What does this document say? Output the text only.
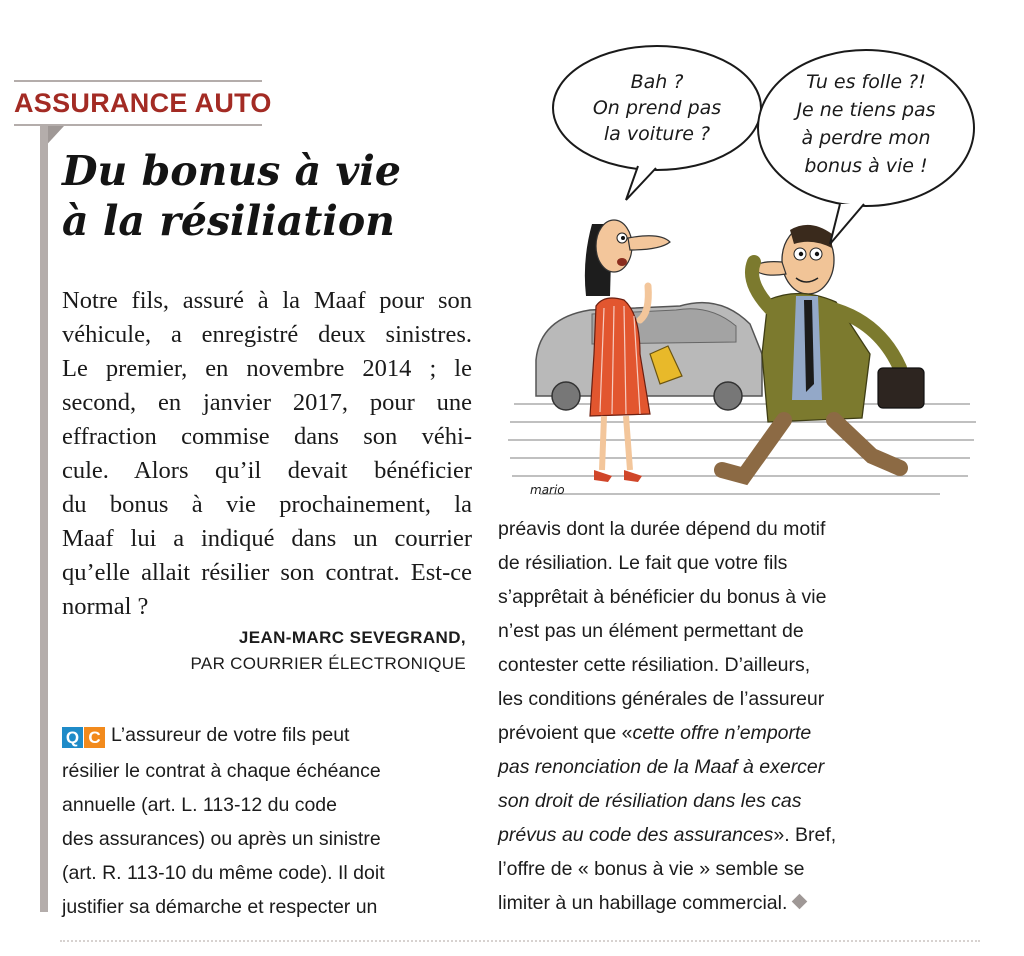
ASSURANCE AUTO
Du bonus à vie
à la résiliation
Notre fils, assuré à la Maaf pour son
véhicule, a enregistré deux sinistres.
Le premier, en novembre 2014 ; le
second, en janvier 2017, pour une
effraction commise dans son véhi-
cule. Alors qu’il devait bénéficier
du bonus à vie prochainement, la
Maaf lui a indiqué dans un courrier
qu’elle allait résilier son contrat. Est-ce
normal ?
JEAN-MARC SEVEGRAND,
PAR COURRIER ÉLECTRONIQUE
Q C L’assureur de votre fils peut
résilier le contrat à chaque échéance
annuelle (art. L. 113-12 du code
des assurances) ou après un sinistre
(art. R. 113-10 du même code). Il doit
justifier sa démarche et respecter un
préavis dont la durée dépend du motif
de résiliation. Le fait que votre fils
s’apprêtait à bénéficier du bonus à vie
n’est pas un élément permettant de
contester cette résiliation. D’ailleurs,
les conditions générales de l’assureur
prévoient que «cette offre n’emporte
pas renonciation de la Maaf à exercer
son droit de résiliation dans les cas
prévus au code des assurances». Bref,
l’offre de « bonus à vie » semble se
limiter à un habillage commercial.
Bah ?
On prend pas
la voiture ?
Tu es folle ?!
Je ne tiens pas
à perdre mon
bonus à vie !
mario
